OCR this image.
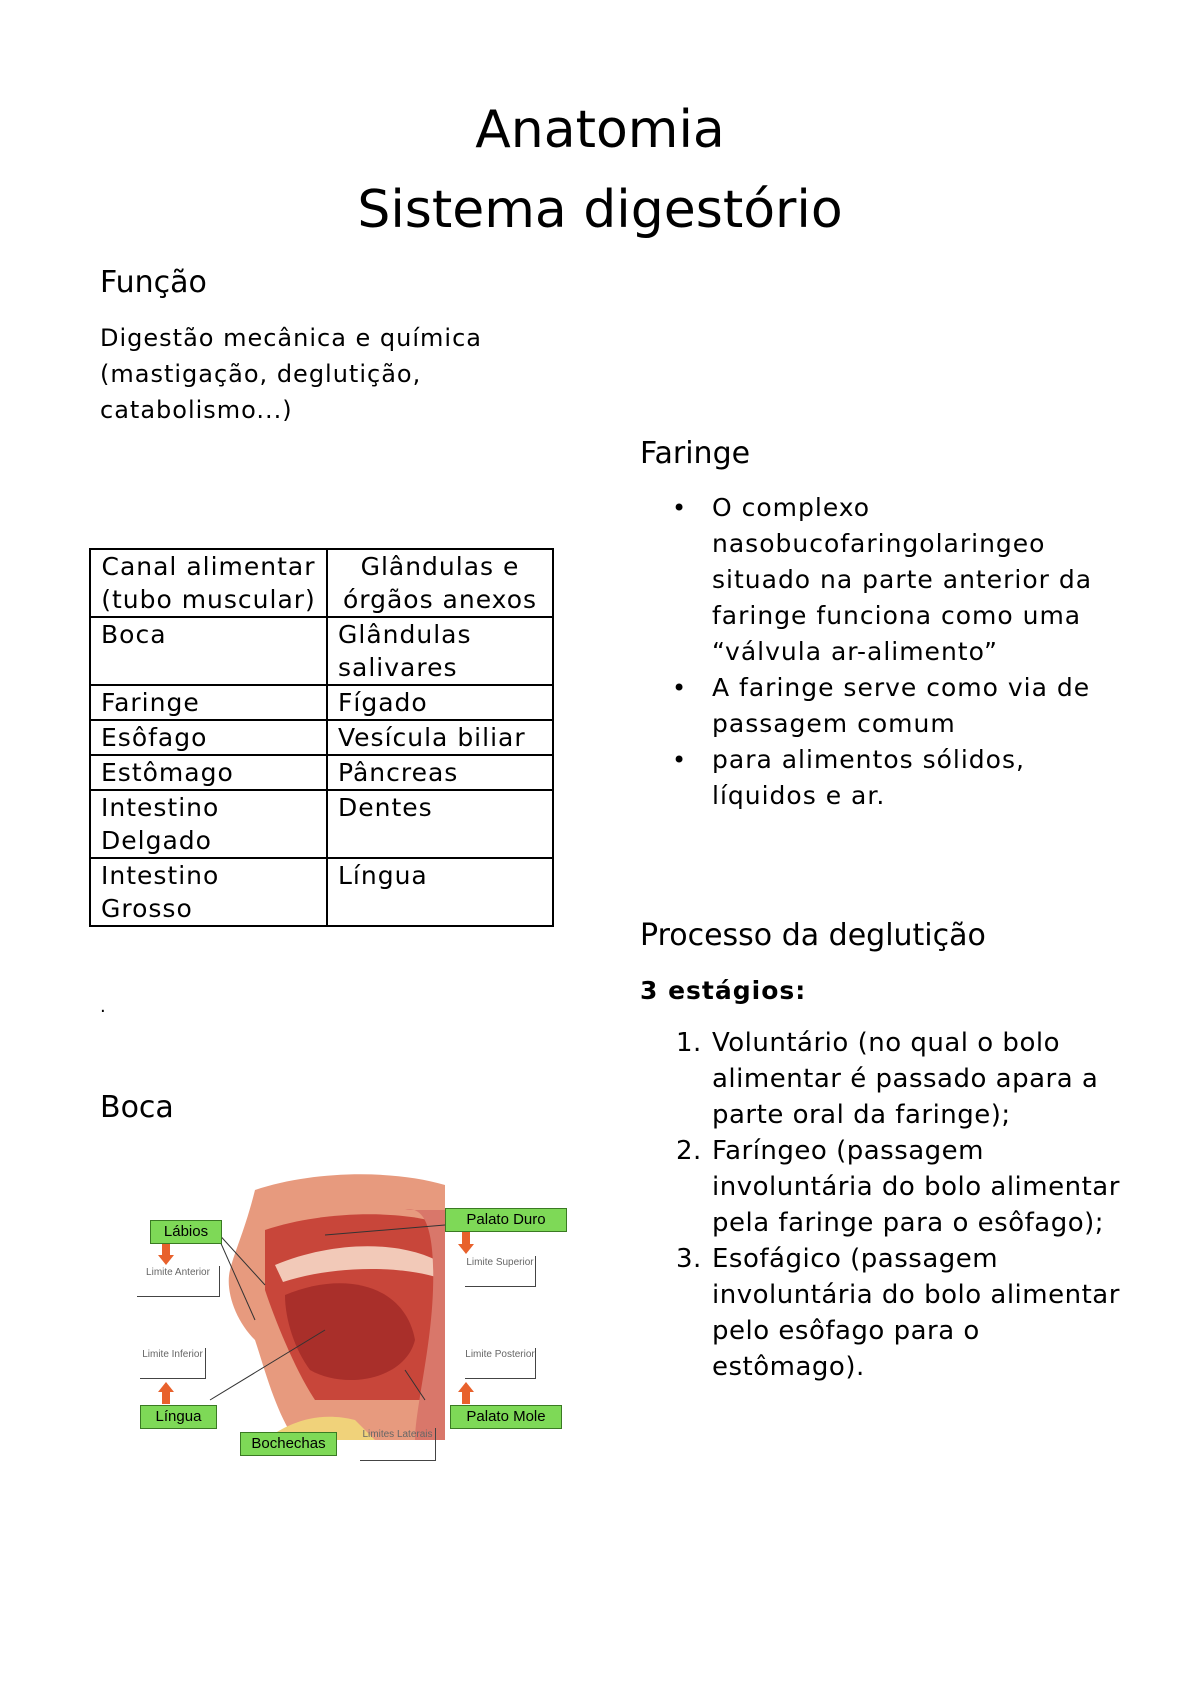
Anatomia
Sistema digestório
Função
Digestão mecânica e química
(mastigação, deglutição,
catabolismo...)
Canal alimentar (tubo muscular)	Glândulas e órgãos anexos
Boca	Glândulas salivares
Faringe	Fígado
Esôfago	Vesícula biliar
Estômago	Pâncreas
Intestino Delgado	Dentes
Intestino Grosso	Língua
.
Boca
Lábios
Palato Duro
Língua	Palato Mole
Bochechas
Limite Anterior
Limite Superior
Limite Inferior	Limite Posterior
Limites Laterais
Faringe
• O complexo nasobucofaringolaringeo situado na parte anterior da faringe funciona como uma “válvula ar-alimento”
• A faringe serve como via de passagem comum
• para alimentos sólidos, líquidos e ar.
Processo da deglutição
3 estágios:
1. Voluntário (no qual o bolo alimentar é passado apara a parte oral da faringe);
2. Faríngeo (passagem involuntária do bolo alimentar pela faringe para o esôfago);
3. Esofágico (passagem involuntária do bolo alimentar pelo esôfago para o estômago).
